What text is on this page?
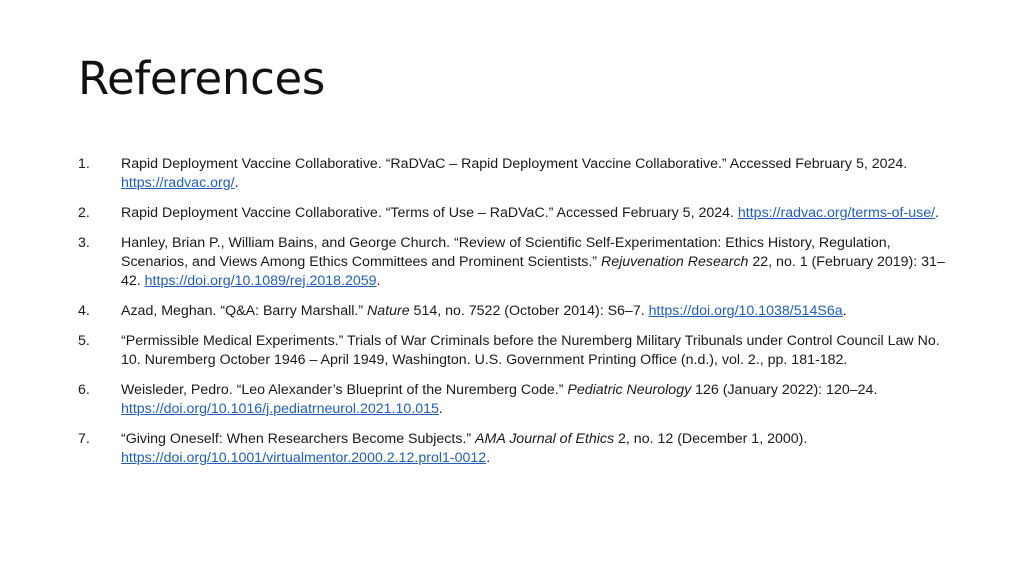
References
1.	Rapid Deployment Vaccine Collaborative. “RaDVaC – Rapid Deployment Vaccine Collaborative.” Accessed February 5, 2024. https://radvac.org/.
2.	Rapid Deployment Vaccine Collaborative. “Terms of Use – RaDVaC.” Accessed February 5, 2024. https://radvac.org/terms-of-use/.
3.	Hanley, Brian P., William Bains, and George Church. “Review of Scientific Self-Experimentation: Ethics History, Regulation, Scenarios, and Views Among Ethics Committees and Prominent Scientists.” Rejuvenation Research 22, no. 1 (February 2019): 31–42. https://doi.org/10.1089/rej.2018.2059.
4.	Azad, Meghan. “Q&A: Barry Marshall.” Nature 514, no. 7522 (October 2014): S6–7. https://doi.org/10.1038/514S6a.
5.	“Permissible Medical Experiments.” Trials of War Criminals before the Nuremberg Military Tribunals under Control Council Law No. 10. Nuremberg October 1946 – April 1949, Washington. U.S. Government Printing Office (n.d.), vol. 2., pp. 181-182.
6.	Weisleder, Pedro. “Leo Alexander’s Blueprint of the Nuremberg Code.” Pediatric Neurology 126 (January 2022): 120–24. https://doi.org/10.1016/j.pediatrneurol.2021.10.015.
7.	“Giving Oneself: When Researchers Become Subjects.” AMA Journal of Ethics 2, no. 12 (December 1, 2000). https://doi.org/10.1001/virtualmentor.2000.2.12.prol1-0012.
